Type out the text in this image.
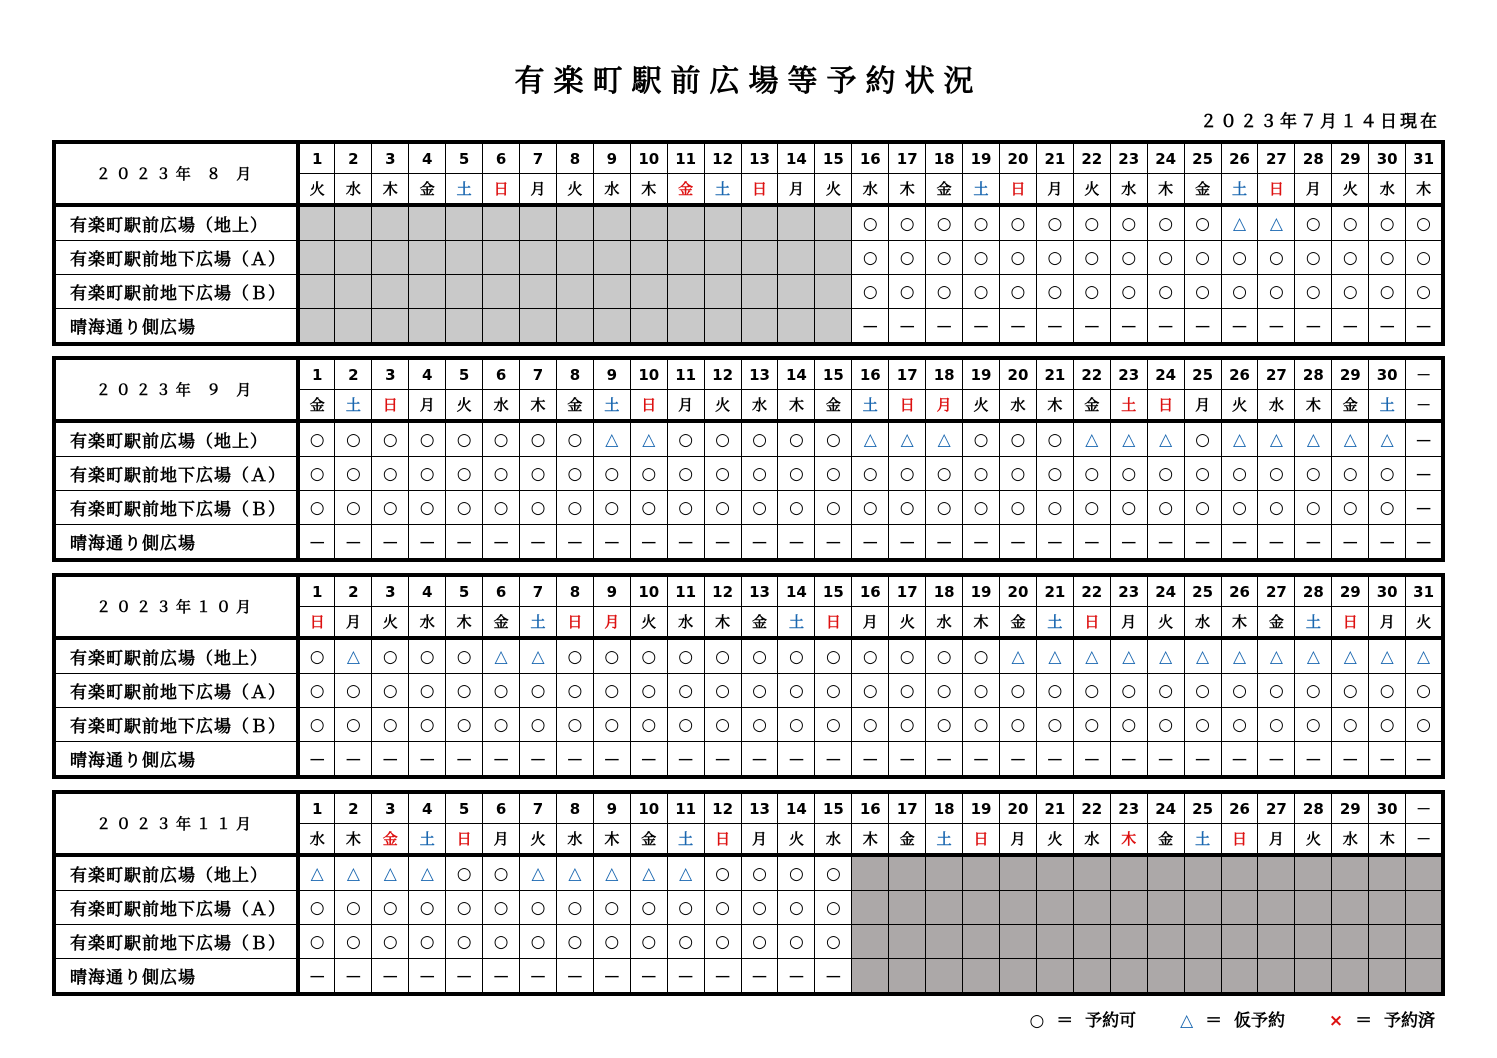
有楽町駅前広場等予約状況
２０２３年７月１４日現在
２０２３年 ８ 月	1	2	3	4	5	6	7	8	9	10	11	12	13	14	15	16	17	18	19	20	21	22	23	24	25	26	27	28	29	30	31
	火	水	木	金	土	日	月	火	水	木	金	土	日	月	火	水	木	金	土	日	月	火	水	木	金	土	日	月	火	水	木
有楽町駅前広場（地上）																○	○	○	○	○	○	○	○	○	○	△	△	○	○	○	○
有楽町駅前地下広場（Ａ）																○	○	○	○	○	○	○	○	○	○	○	○	○	○	○	○
有楽町駅前地下広場（Ｂ）																○	○	○	○	○	○	○	○	○	○	○	○	○	○	○	○
晴海通り側広場																－	－	－	－	－	－	－	－	－	－	－	－	－	－	－	－
２０２３年 ９ 月	1	2	3	4	5	6	7	8	9	10	11	12	13	14	15	16	17	18	19	20	21	22	23	24	25	26	27	28	29	30	－
	金	土	日	月	火	水	木	金	土	日	月	火	水	木	金	土	日	月	火	水	木	金	土	日	月	火	水	木	金	土	－
有楽町駅前広場（地上）	○	○	○	○	○	○	○	○	△	△	○	○	○	○	○	△	△	△	○	○	○	△	△	△	○	△	△	△	△	△	－
有楽町駅前地下広場（Ａ）	○	○	○	○	○	○	○	○	○	○	○	○	○	○	○	○	○	○	○	○	○	○	○	○	○	○	○	○	○	○	－
有楽町駅前地下広場（Ｂ）	○	○	○	○	○	○	○	○	○	○	○	○	○	○	○	○	○	○	○	○	○	○	○	○	○	○	○	○	○	○	－
晴海通り側広場	－	－	－	－	－	－	－	－	－	－	－	－	－	－	－	－	－	－	－	－	－	－	－	－	－	－	－	－	－	－	－
２０２３年１０月	1	2	3	4	5	6	7	8	9	10	11	12	13	14	15	16	17	18	19	20	21	22	23	24	25	26	27	28	29	30	31
	日	月	火	水	木	金	土	日	月	火	水	木	金	土	日	月	火	水	木	金	土	日	月	火	水	木	金	土	日	月	火
有楽町駅前広場（地上）	○	△	○	○	○	△	△	○	○	○	○	○	○	○	○	○	○	○	○	△	△	△	△	△	△	△	△	△	△	△	△
有楽町駅前地下広場（Ａ）	○	○	○	○	○	○	○	○	○	○	○	○	○	○	○	○	○	○	○	○	○	○	○	○	○	○	○	○	○	○	○
有楽町駅前地下広場（Ｂ）	○	○	○	○	○	○	○	○	○	○	○	○	○	○	○	○	○	○	○	○	○	○	○	○	○	○	○	○	○	○	○
晴海通り側広場	－	－	－	－	－	－	－	－	－	－	－	－	－	－	－	－	－	－	－	－	－	－	－	－	－	－	－	－	－	－	－
２０２３年１１月	1	2	3	4	5	6	7	8	9	10	11	12	13	14	15	16	17	18	19	20	21	22	23	24	25	26	27	28	29	30	－
	水	木	金	土	日	月	火	水	木	金	土	日	月	火	水	木	金	土	日	月	火	水	木	金	土	日	月	火	水	木	－
有楽町駅前広場（地上）	△	△	△	△	○	○	△	△	△	△	△	○	○	○	○																
有楽町駅前地下広場（Ａ）	○	○	○	○	○	○	○	○	○	○	○	○	○	○	○																
有楽町駅前地下広場（Ｂ）	○	○	○	○	○	○	○	○	○	○	○	○	○	○	○																
晴海通り側広場	－	－	－	－	－	－	－	－	－	－	－	－	－	－	－																
○ ＝ 予約可	△ ＝ 仮予約	× ＝ 予約済
